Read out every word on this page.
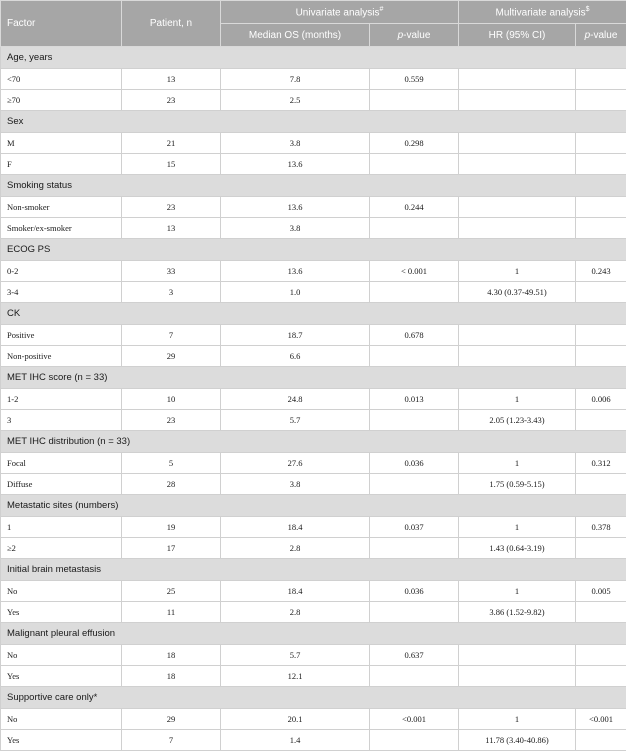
Factor	Patient, n	Univariate analysis#		Multivariate analysis$
		Median OS (months)	p-value	HR (95% CI)	p-value
Age, years					
<70	13	7.8	0.559		
≥70	23	2.5			
Sex					
M	21	3.8	0.298		
F	15	13.6			
Smoking status					
Non-smoker	23	13.6	0.244		
Smoker/ex-smoker	13	3.8			
ECOG PS					
0-2	33	13.6	< 0.001	1	0.243
3-4	3	1.0		4.30 (0.37-49.51)	
CK					
Positive	7	18.7	0.678		
Non-positive	29	6.6			
MET IHC score (n = 33)					
1-2	10	24.8	0.013	1	0.006
3	23	5.7		2.05 (1.23-3.43)	
MET IHC distribution (n = 33)					
Focal	5	27.6	0.036	1	0.312
Diffuse	28	3.8		1.75 (0.59-5.15)	
Metastatic sites (numbers)					
1	19	18.4	0.037	1	0.378
≥2	17	2.8		1.43 (0.64-3.19)	
Initial brain metastasis					
No	25	18.4	0.036	1	0.005
Yes	11	2.8		3.86 (1.52-9.82)	
Malignant pleural effusion					
No	18	5.7	0.637		
Yes	18	12.1			
Supportive care only*					
No	29	20.1	<0.001	1	<0.001
Yes	7	1.4		11.78 (3.40-40.86)	
